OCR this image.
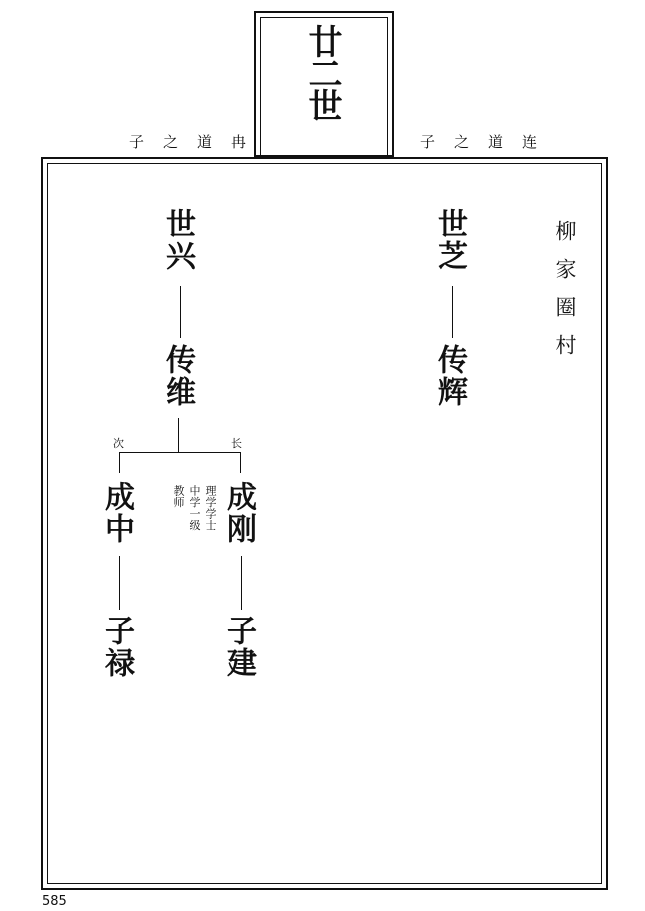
廿二世
子之道冉	子之道连
柳家圈村
世芝
传辉
世兴
传维
次	长
成中
子禄
成刚
子建
理学学士
中学一级
教师
585
